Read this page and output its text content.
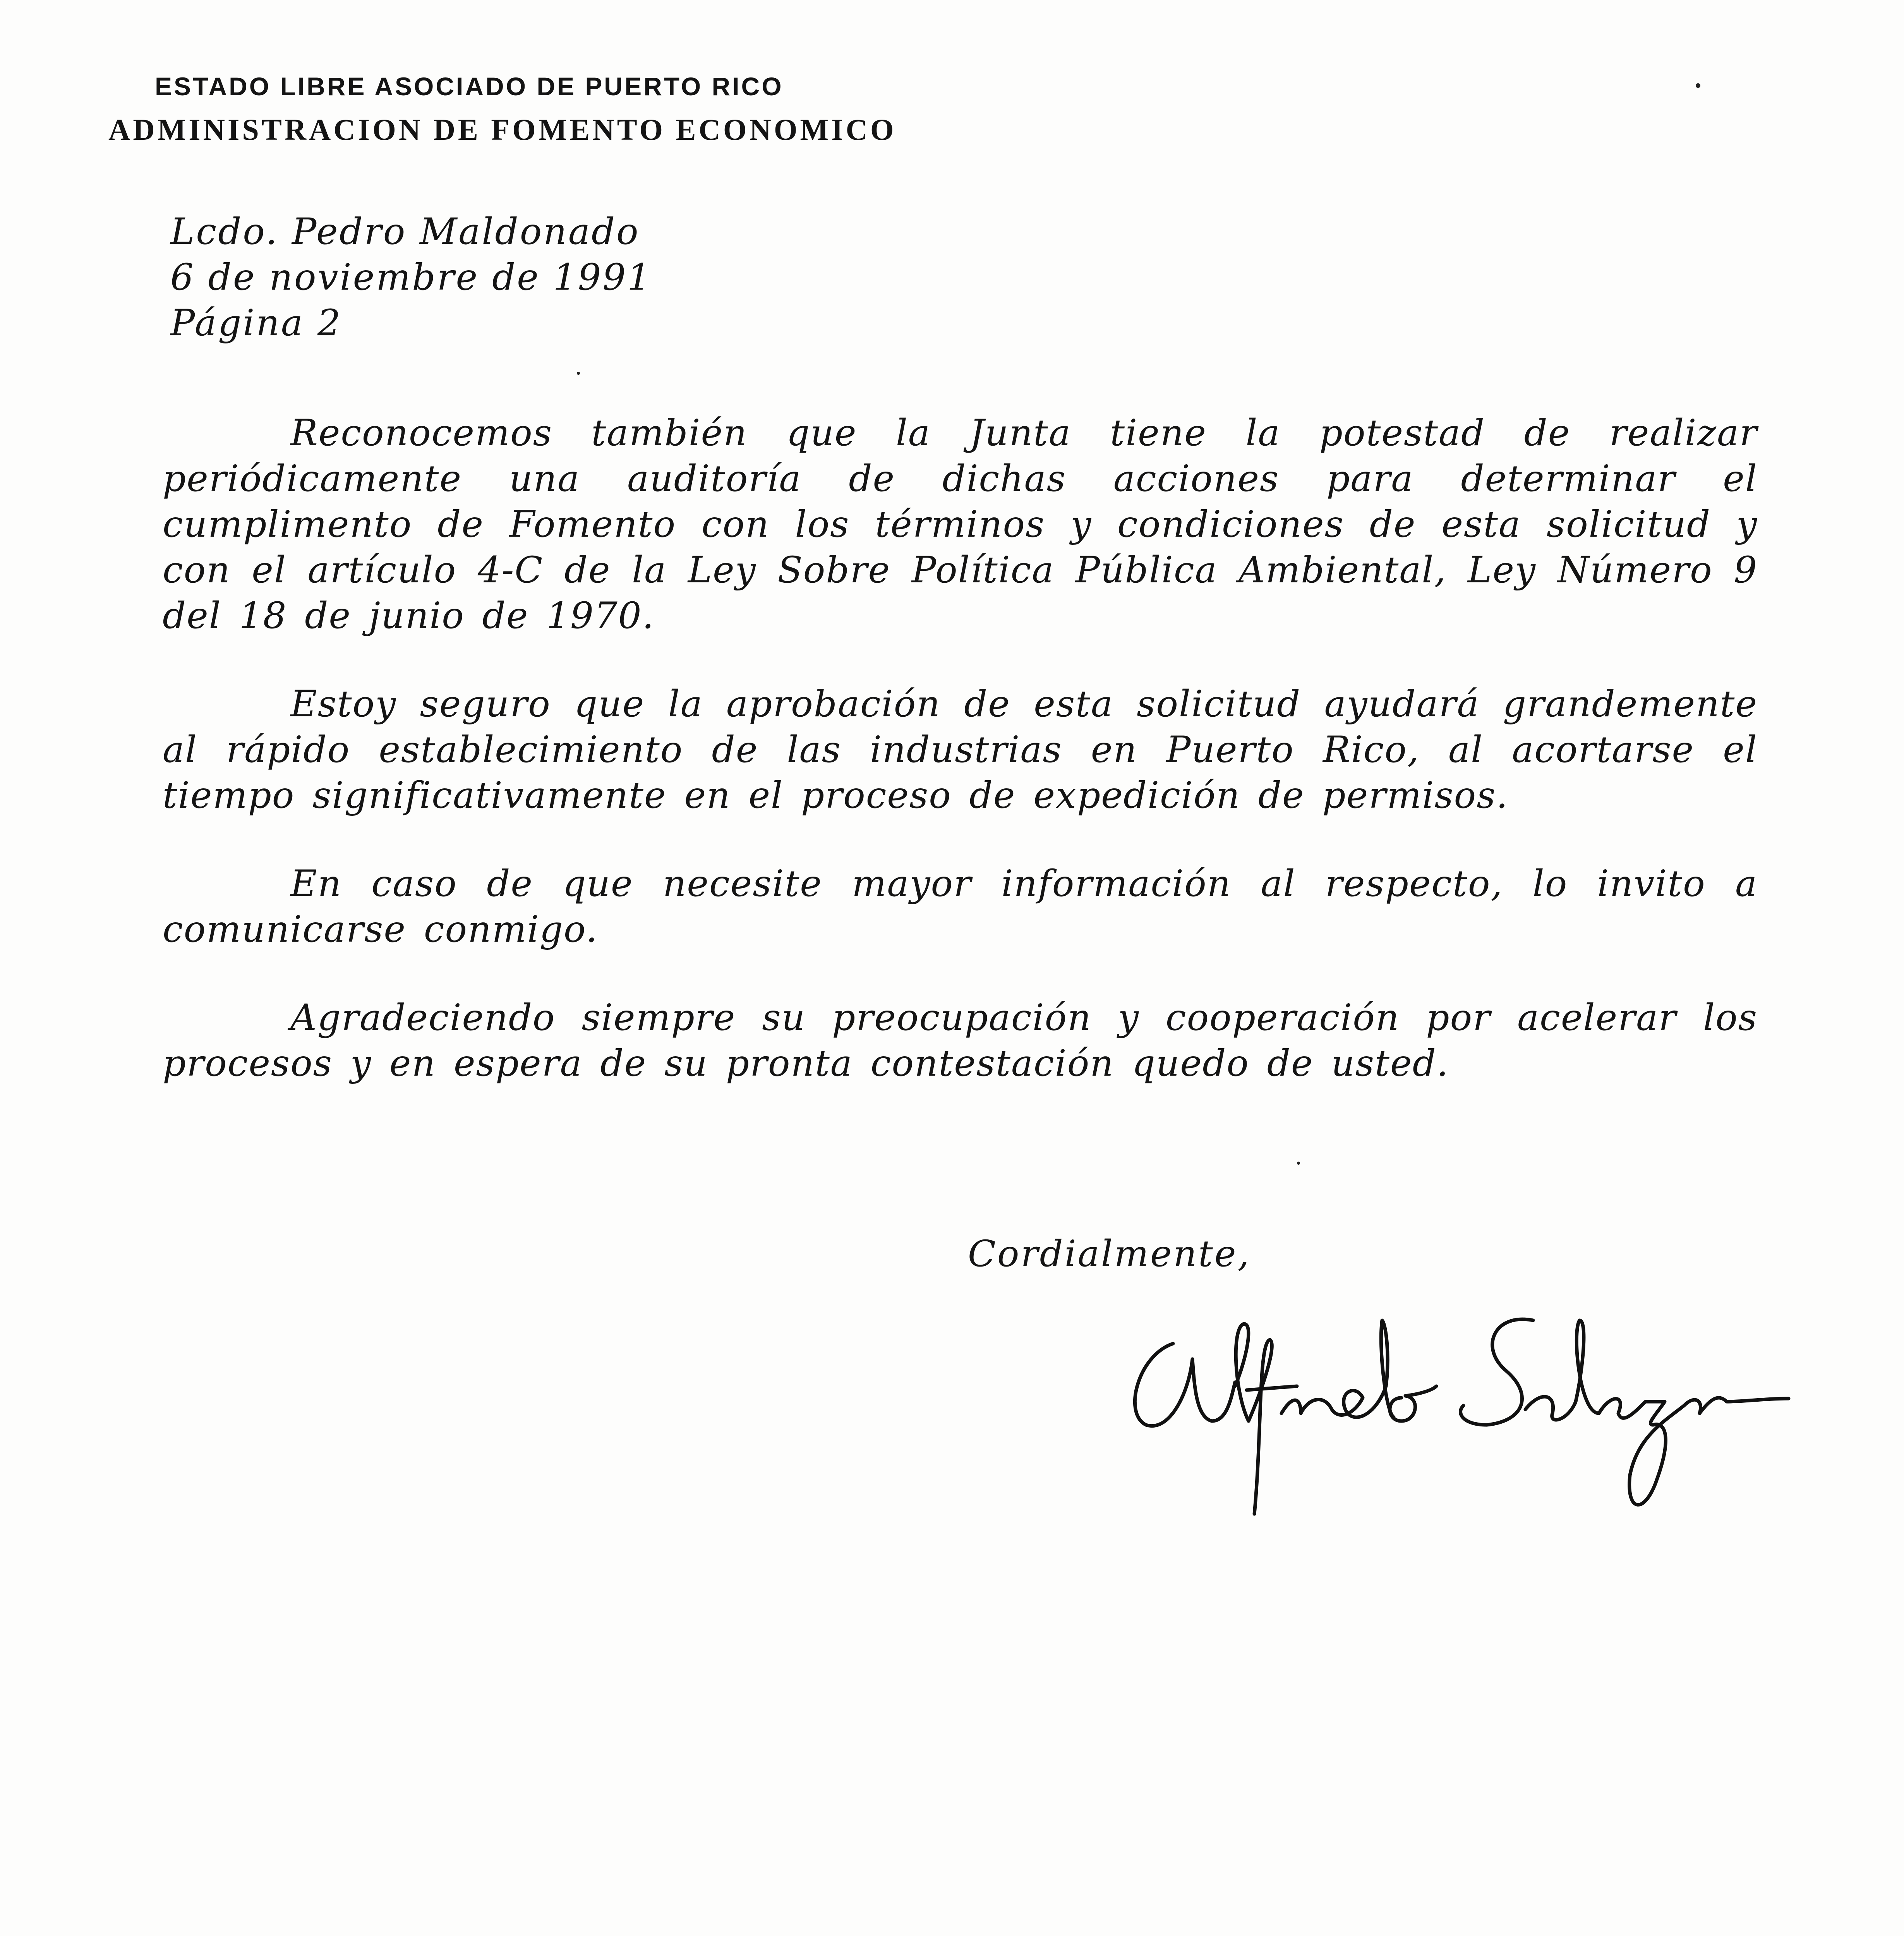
ESTADO LIBRE ASOCIADO DE PUERTO RICO
ADMINISTRACION DE FOMENTO ECONOMICO
Lcdo. Pedro Maldonado
6 de noviembre de 1991
Página 2

Reconocemos también que la Junta tiene la potestad de realizar periódicamente una auditoría de dichas acciones para determinar el cumplimento de Fomento con los términos y condiciones de esta solicitud y con el artículo 4-C de la Ley Sobre Política Pública Ambiental, Ley Número 9 del 18 de junio de 1970.

Estoy seguro que la aprobación de esta solicitud ayudará grandemente al rápido establecimiento de las industrias en Puerto Rico, al acortarse el tiempo significativamente en el proceso de expedición de permisos.

En caso de que necesite mayor información al respecto, lo invito a comunicarse conmigo.

Agradeciendo siempre su preocupación y cooperación por acelerar los procesos y en espera de su pronta contestación quedo de usted.

Cordialmente,
